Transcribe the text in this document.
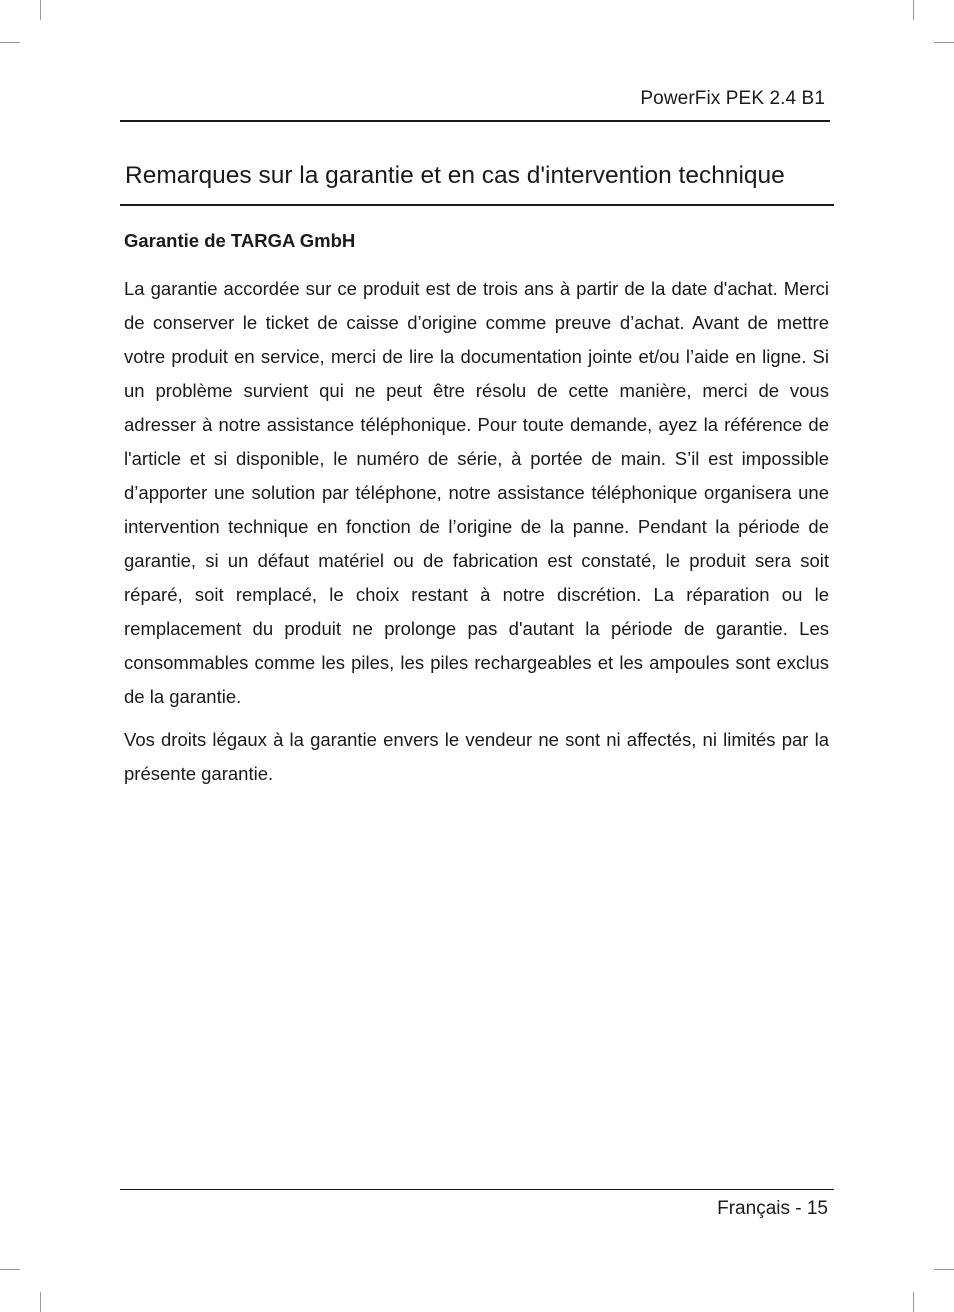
PowerFix PEK 2.4 B1
Remarques sur la garantie et en cas d'intervention technique
Garantie de TARGA GmbH

La garantie accordée sur ce produit est de trois ans à partir de la date d'achat. Merci de conserver le ticket de caisse d’origine comme preuve d’achat. Avant de mettre votre produit en service, merci de lire la documentation jointe et/ou l’aide en ligne. Si un problème survient qui ne peut être résolu de cette manière, merci de vous adresser à notre assistance téléphonique. Pour toute demande, ayez la référence de l'article et si disponible, le numéro de série, à portée de main. S’il est impossible d’apporter une solution par téléphone, notre assistance téléphonique organisera une intervention technique en fonction de l’origine de la panne. Pendant la période de garantie, si un défaut matériel ou de fabrication est constaté, le produit sera soit réparé, soit remplacé, le choix restant à notre discrétion. La réparation ou le remplacement du produit ne prolonge pas d'autant la période de garantie. Les consommables comme les piles, les piles rechargeables et les ampoules sont exclus de la garantie.

Vos droits légaux à la garantie envers le vendeur ne sont ni affectés, ni limités par la présente garantie.

Français - 15
